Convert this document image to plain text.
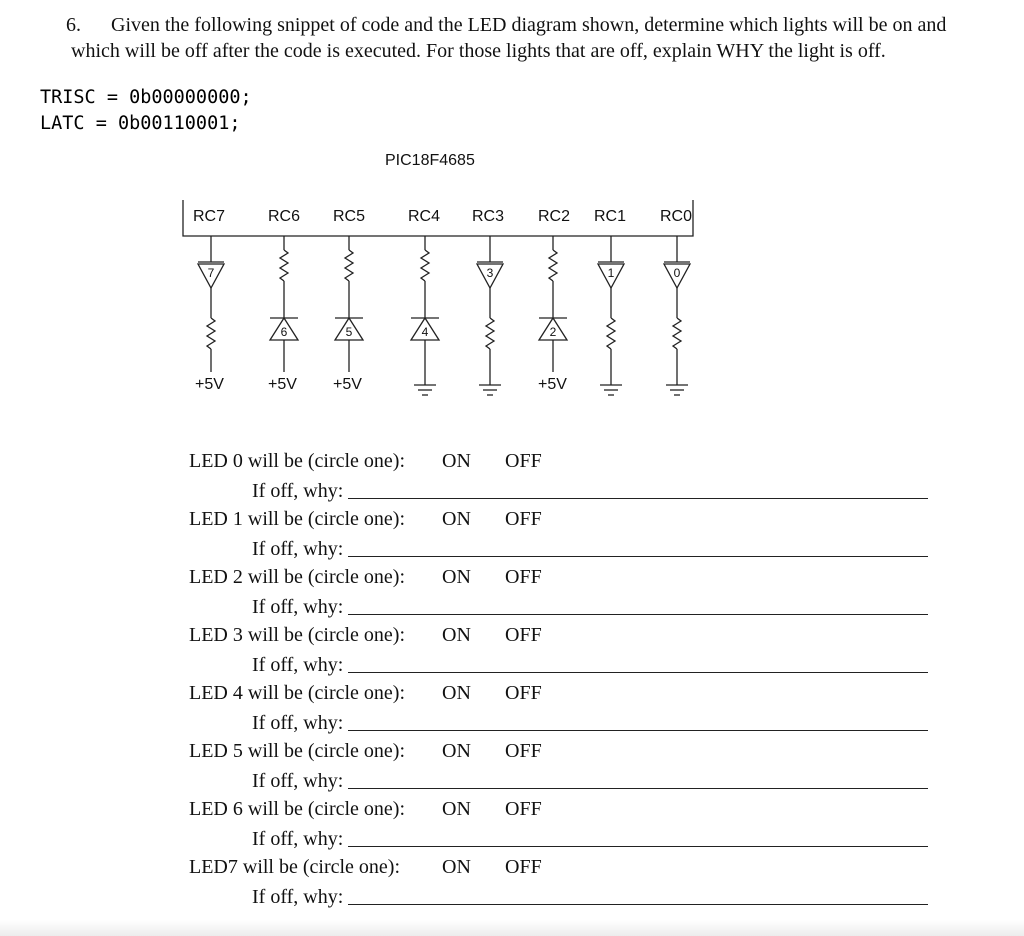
6. Given the following snippet of code and the LED diagram shown, determine which lights will be on and
which will be off after the code is executed. For those lights that are off, explain WHY the light is off.
TRISC = 0b00000000;
LATC = 0b00110001;
PIC18F4685
RC7	RC6 RC5	RC4 RC3 RC2 RC1 RC0
+5V	+5V +5V	+5V
7
6	5	4
3
2
1	0
LED 0 will be (circle one): ON OFF
If off, why:
LED 1 will be (circle one): ON OFF
If off, why:
LED 2 will be (circle one): ON OFF
If off, why:
LED 3 will be (circle one): ON OFF
If off, why:
LED 4 will be (circle one): ON OFF
If off, why:
LED 5 will be (circle one): ON OFF
If off, why:
LED 6 will be (circle one): ON OFF
If off, why:
LED7 will be (circle one): ON OFF
If off, why:
